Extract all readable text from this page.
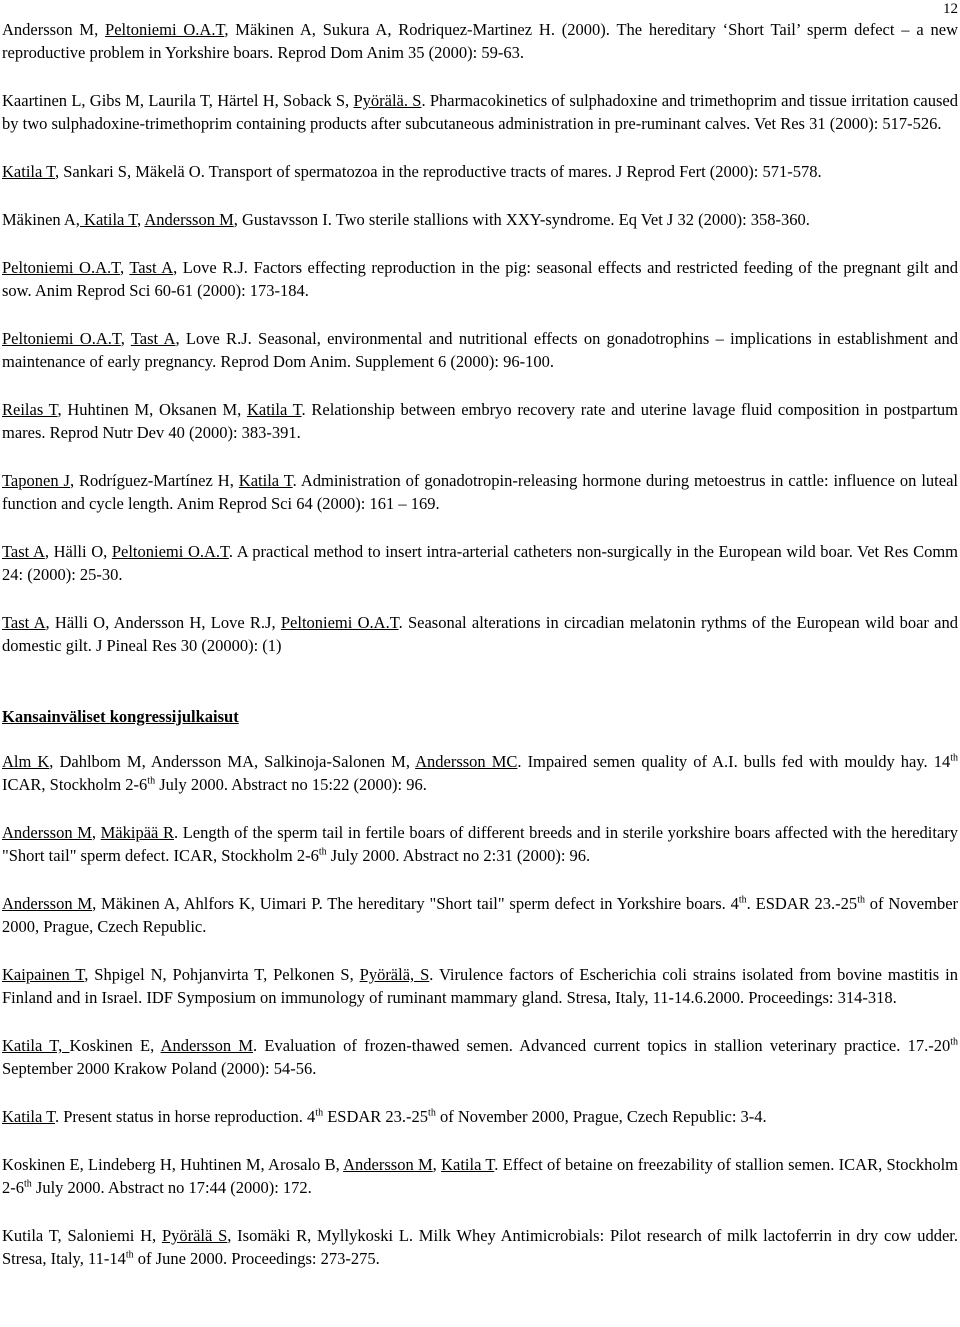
12

Andersson M, Peltoniemi O.A.T, Mäkinen A, Sukura A, Rodriquez-Martinez H. (2000). The hereditary ‘Short Tail’ sperm defect – a new reproductive problem in Yorkshire boars. Reprod Dom Anim 35 (2000): 59-63.

Kaartinen L, Gibs M, Laurila T, Härtel H, Soback S, Pyörälä. S. Pharmacokinetics of sulphadoxine and trimethoprim and tissue irritation caused by two sulphadoxine-trimethoprim containing products after subcutaneous administration in pre-ruminant calves. Vet Res 31 (2000): 517-526.

Katila T, Sankari S, Mäkelä O. Transport of spermatozoa in the reproductive tracts of mares. J Reprod Fert (2000): 571-578.

Mäkinen A, Katila T, Andersson M, Gustavsson I. Two sterile stallions with XXY-syndrome. Eq Vet J 32 (2000): 358-360.

Peltoniemi O.A.T, Tast A, Love R.J. Factors effecting reproduction in the pig: seasonal effects and restricted feeding of the pregnant gilt and sow. Anim Reprod Sci 60-61 (2000): 173-184.

Peltoniemi O.A.T, Tast A, Love R.J. Seasonal, environmental and nutritional effects on gonadotrophins – implications in establishment and maintenance of early pregnancy. Reprod Dom Anim. Supplement 6 (2000): 96-100.

Reilas T, Huhtinen M, Oksanen M, Katila T. Relationship between embryo recovery rate and uterine lavage fluid composition in postpartum mares. Reprod Nutr Dev 40 (2000): 383-391.

Taponen J, Rodríguez-Martínez H, Katila T. Administration of gonadotropin-releasing hormone during metoestrus in cattle: influence on luteal function and cycle length. Anim Reprod Sci 64 (2000): 161 – 169.

Tast A, Hälli O, Peltoniemi O.A.T. A practical method to insert intra-arterial catheters non-surgically in the European wild boar. Vet Res Comm 24: (2000): 25-30.

Tast A, Hälli O, Andersson H, Love R.J, Peltoniemi O.A.T. Seasonal alterations in circadian melatonin rythms of the European wild boar and domestic gilt. J Pineal Res 30 (20000): (1)

Kansainväliset kongressijulkaisut

Alm K, Dahlbom M, Andersson MA, Salkinoja-Salonen M, Andersson MC. Impaired semen quality of A.I. bulls fed with mouldy hay. 14th ICAR, Stockholm 2-6th July 2000. Abstract no 15:22 (2000): 96.

Andersson M, Mäkipää R. Length of the sperm tail in fertile boars of different breeds and in sterile yorkshire boars affected with the hereditary "Short tail" sperm defect. ICAR, Stockholm 2-6th July 2000. Abstract no 2:31 (2000): 96.

Andersson M, Mäkinen A, Ahlfors K, Uimari P. The hereditary "Short tail" sperm defect in Yorkshire boars. 4th. ESDAR 23.-25th of November 2000, Prague, Czech Republic.

Kaipainen T, Shpigel N, Pohjanvirta T, Pelkonen S, Pyörälä, S. Virulence factors of Escherichia coli strains isolated from bovine mastitis in Finland and in Israel. IDF Symposium on immunology of ruminant mammary gland. Stresa, Italy, 11-14.6.2000. Proceedings: 314-318.

Katila T, Koskinen E, Andersson M. Evaluation of frozen-thawed semen. Advanced current topics in stallion veterinary practice. 17.-20th September 2000 Krakow Poland (2000): 54-56.

Katila T. Present status in horse reproduction. 4th ESDAR 23.-25th of November 2000, Prague, Czech Republic: 3-4.

Koskinen E, Lindeberg H, Huhtinen M, Arosalo B, Andersson M, Katila T. Effect of betaine on freezability of stallion semen. ICAR, Stockholm 2-6th July 2000. Abstract no 17:44 (2000): 172.

Kutila T, Saloniemi H, Pyörälä S, Isomäki R, Myllykoski L. Milk Whey Antimicrobials: Pilot research of milk lactoferrin in dry cow udder. Stresa, Italy, 11-14th of June 2000. Proceedings: 273-275.
